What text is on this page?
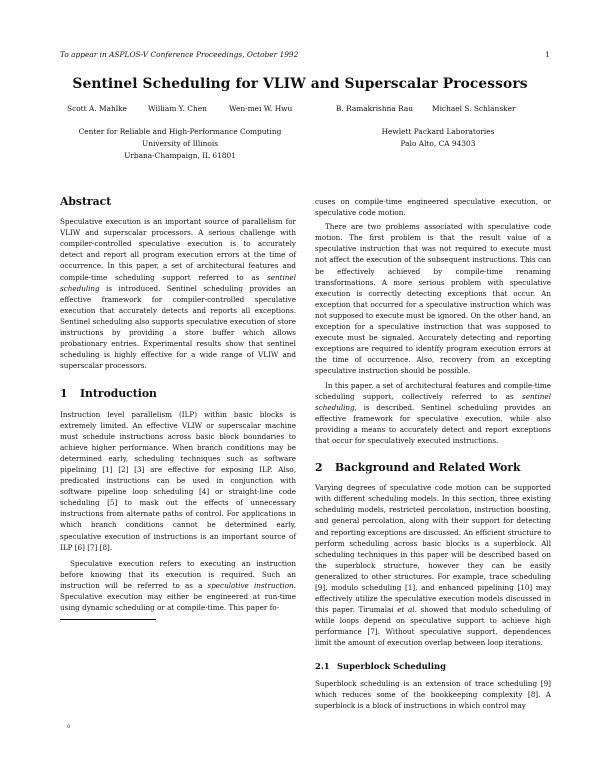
To appear in ASPLOS-V Conference Proceedings, October 1992	1
Sentinel Scheduling for VLIW and Superscalar Processors
Scott A. Mahlke	William Y. Chen	Wen-mei W. Hwu	B. Ramakrishna Rau	Michael S. Schlansker
Center for Reliable and High-Performance Computing
University of Illinois
Urbana-Champaign, IL 61801
Hewlett Packard Laboratories
Palo Alto, CA 94303
Abstract

Speculative execution is an important source of parallelism for VLIW and superscalar processors. A serious challenge with compiler-controlled speculative execution is to accurately detect and report all program execution errors at the time of occurrence. In this paper, a set of architectural features and compile-time scheduling support referred to as sentinel scheduling is introduced. Sentinel scheduling provides an effective framework for compiler-controlled speculative execution that accurately detects and reports all exceptions. Sentinel scheduling also supports speculative execution of store instructions by providing a store buffer which allows probationary entries. Experimental results show that sentinel scheduling is highly effective for a wide range of VLIW and superscalar processors.

1 Introduction

Instruction level parallelism (ILP) within basic blocks is extremely limited. An effective VLIW or superscalar machine must schedule instructions across basic block boundaries to achieve higher performance. When branch conditions may be determined early, scheduling techniques such as software pipelining [1] [2] [3] are effective for exposing ILP. Also, predicated instructions can be used in conjunction with software pipeline loop scheduling [4] or straight-line code scheduling [5] to mask out the effects of unnecessary instructions from alternate paths of control. For applications in which branch conditions cannot be determined early, speculative execution of instructions is an important source of ILP [6] [7] [8].

Speculative execution refers to executing an instruction before knowing that its execution is required. Such an instruction will be referred to as a speculative instruction. Speculative execution may either be engineered at run-time using dynamic scheduling or at compile-time. This paper fo-

0

cuses on compile-time engineered speculative execution, or speculative code motion.

There are two problems associated with speculative code motion. The first problem is that the result value of a speculative instruction that was not required to execute must not affect the execution of the subsequent instructions. This can be effectively achieved by compile-time renaming transformations. A more serious problem with speculative execution is correctly detecting exceptions that occur. An exception that occurred for a speculative instruction which was not supposed to execute must be ignored. On the other hand, an exception for a speculative instruction that was supposed to execute must be signaled. Accurately detecting and reporting exceptions are required to identify program execution errors at the time of occurrence. Also, recovery from an excepting speculative instruction should be possible.

In this paper, a set of architectural features and compile-time scheduling support, collectively referred to as sentinel scheduling, is described. Sentinel scheduling provides an effective framework for speculative execution, while also providing a means to accurately detect and report exceptions that occur for speculatively executed instructions.

2 Background and Related Work

Varying degrees of speculative code motion can be supported with different scheduling models. In this section, three existing scheduling models, restricted percolation, instruction boosting, and general percolation, along with their support for detecting and reporting exceptions are discussed. An efficient structure to perform scheduling across basic blocks is a superblock. All scheduling techniques in this paper will be described based on the superblock structure, however they can be easily generalized to other structures. For example, trace scheduling [9], modulo scheduling [1], and enhanced pipelining [10] may effectively utilize the speculative execution models discussed in this paper. Tirumalai et al. showed that modulo scheduling of while loops depend on speculative support to achieve high performance [7]. Without speculative support, dependences limit the amount of execution overlap between loop iterations.

2.1 Superblock Scheduling

Superblock scheduling is an extension of trace scheduling [9] which reduces some of the bookkeeping complexity [8]. A superblock is a block of instructions in which control may
